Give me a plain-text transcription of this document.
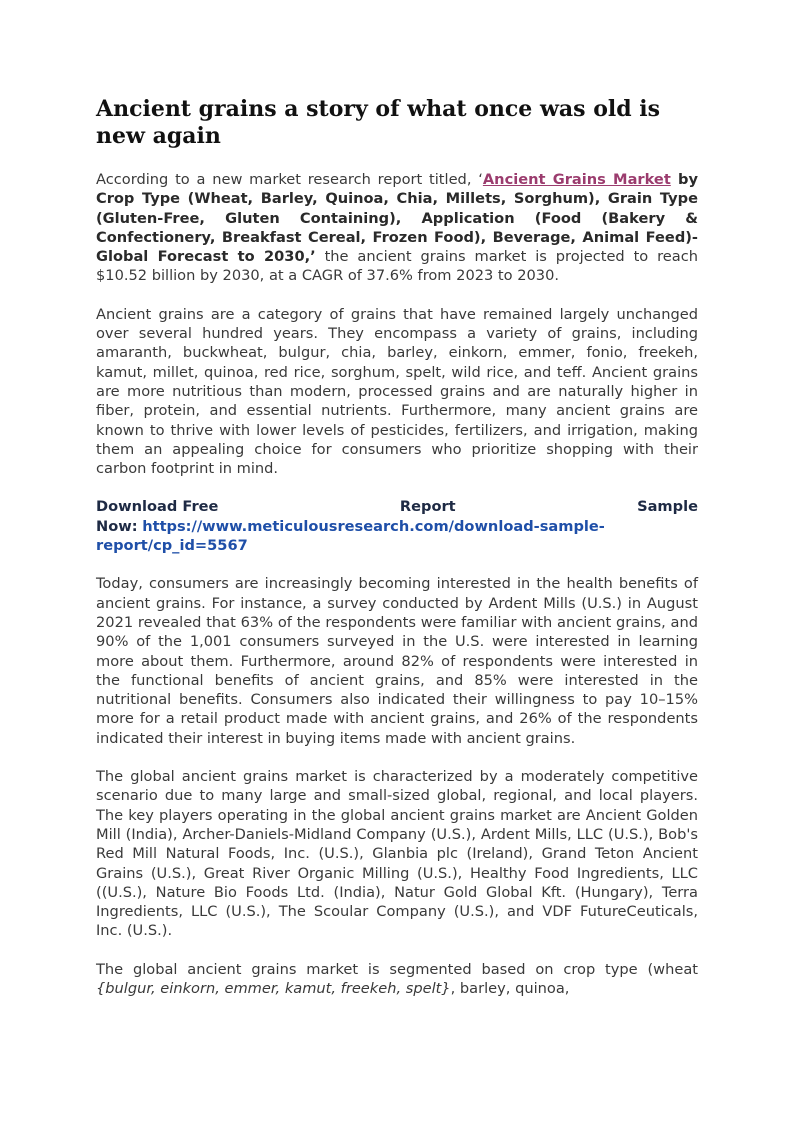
Ancient grains a story of what once was old is new again

According to a new market research report titled, ‘Ancient Grains Market by Crop Type (Wheat, Barley, Quinoa, Chia, Millets, Sorghum), Grain Type (Gluten-Free, Gluten Containing), Application (Food (Bakery & Confectionery, Breakfast Cereal, Frozen Food), Beverage, Animal Feed)- Global Forecast to 2030,’ the ancient grains market is projected to reach $10.52 billion by 2030, at a CAGR of 37.6% from 2023 to 2030.

Ancient grains are a category of grains that have remained largely unchanged over several hundred years. They encompass a variety of grains, including amaranth, buckwheat, bulgur, chia, barley, einkorn, emmer, fonio, freekeh, kamut, millet, quinoa, red rice, sorghum, spelt, wild rice, and teff. Ancient grains are more nutritious than modern, processed grains and are naturally higher in fiber, protein, and essential nutrients. Furthermore, many ancient grains are known to thrive with lower levels of pesticides, fertilizers, and irrigation, making them an appealing choice for consumers who prioritize shopping with their carbon footprint in mind.

Download Free	Report	Sample
Now: https://www.meticulousresearch.com/download-sample-report/cp_id=5567

Today, consumers are increasingly becoming interested in the health benefits of ancient grains. For instance, a survey conducted by Ardent Mills (U.S.) in August 2021 revealed that 63% of the respondents were familiar with ancient grains, and 90% of the 1,001 consumers surveyed in the U.S. were interested in learning more about them. Furthermore, around 82% of respondents were interested in the functional benefits of ancient grains, and 85% were interested in the nutritional benefits. Consumers also indicated their willingness to pay 10–15% more for a retail product made with ancient grains, and 26% of the respondents indicated their interest in buying items made with ancient grains.

The global ancient grains market is characterized by a moderately competitive scenario due to many large and small-sized global, regional, and local players. The key players operating in the global ancient grains market are Ancient Golden Mill (India), Archer-Daniels-Midland Company (U.S.), Ardent Mills, LLC (U.S.), Bob's Red Mill Natural Foods, Inc. (U.S.), Glanbia plc (Ireland), Grand Teton Ancient Grains (U.S.), Great River Organic Milling (U.S.), Healthy Food Ingredients, LLC ((U.S.), Nature Bio Foods Ltd. (India), Natur Gold Global Kft. (Hungary), Terra Ingredients, LLC (U.S.), The Scoular Company (U.S.), and VDF FutureCeuticals, Inc. (U.S.).

The global ancient grains market is segmented based on crop type (wheat {bulgur, einkorn, emmer, kamut, freekeh, spelt}, barley, quinoa,
